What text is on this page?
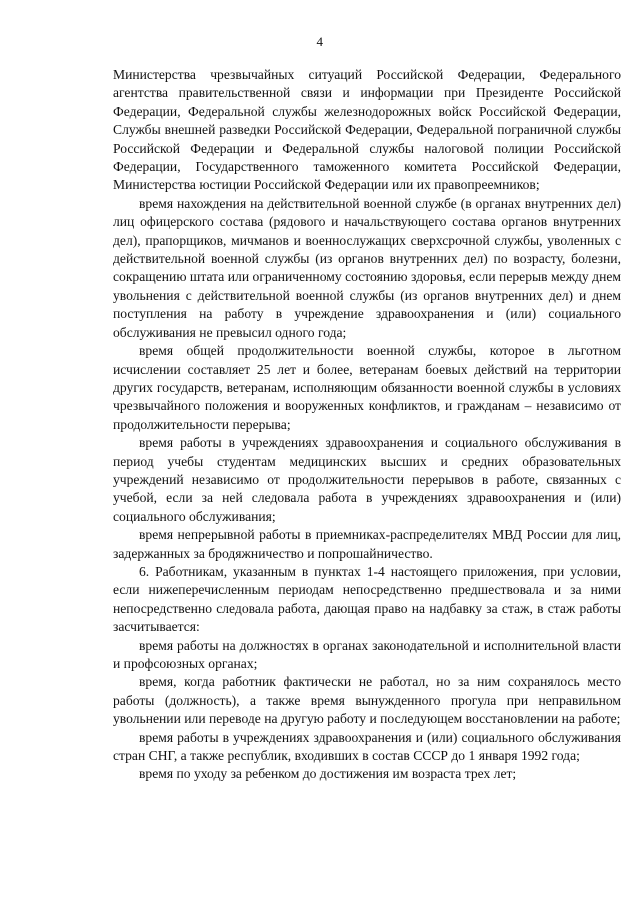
4

Министерства чрезвычайных ситуаций Российской Федерации, Федерального агентства правительственной связи и информации при Президенте Российской Федерации, Федеральной службы железнодорожных войск Российской Федерации, Службы внешней разведки Российской Федерации, Федеральной пограничной службы Российской Федерации и Федеральной службы налоговой полиции Российской Федерации, Государственного таможенного комитета Российской Федерации, Министерства юстиции Российской Федерации или их правопреемников;

время нахождения на действительной военной службе (в органах внутренних дел) лиц офицерского состава (рядового и начальствующего состава органов внутренних дел), прапорщиков, мичманов и военнослужащих сверхсрочной службы, уволенных с действительной военной службы (из органов внутренних дел) по возрасту, болезни, сокращению штата или ограниченному состоянию здоровья, если перерыв между днем увольнения с действительной военной службы (из органов внутренних дел) и днем поступления на работу в учреждение здравоохранения и (или) социального обслуживания не превысил одного года;

время общей продолжительности военной службы, которое в льготном исчислении составляет 25 лет и более, ветеранам боевых действий на территории других государств, ветеранам, исполняющим обязанности военной службы в условиях чрезвычайного положения и вооруженных конфликтов, и гражданам – независимо от продолжительности перерыва;

время работы в учреждениях здравоохранения и социального обслуживания в период учебы студентам медицинских высших и средних образовательных учреждений независимо от продолжительности перерывов в работе, связанных с учебой, если за ней следовала работа в учреждениях здравоохранения и (или) социального обслуживания;

время непрерывной работы в приемниках-распределителях МВД России для лиц, задержанных за бродяжничество и попрошайничество.

6. Работникам, указанным в пунктах 1-4 настоящего приложения, при условии, если нижеперечисленным периодам непосредственно предшествовала и за ними непосредственно следовала работа, дающая право на надбавку за стаж, в стаж работы засчитывается:

время работы на должностях в органах законодательной и исполнительной власти и профсоюзных органах;

время, когда работник фактически не работал, но за ним сохранялось место работы (должность), а также время вынужденного прогула при неправильном увольнении или переводе на другую работу и последующем восстановлении на работе;

время работы в учреждениях здравоохранения и (или) социального обслуживания стран СНГ, а также республик, входивших в состав СССР до 1 января 1992 года;

время по уходу за ребенком до достижения им возраста трех лет;
